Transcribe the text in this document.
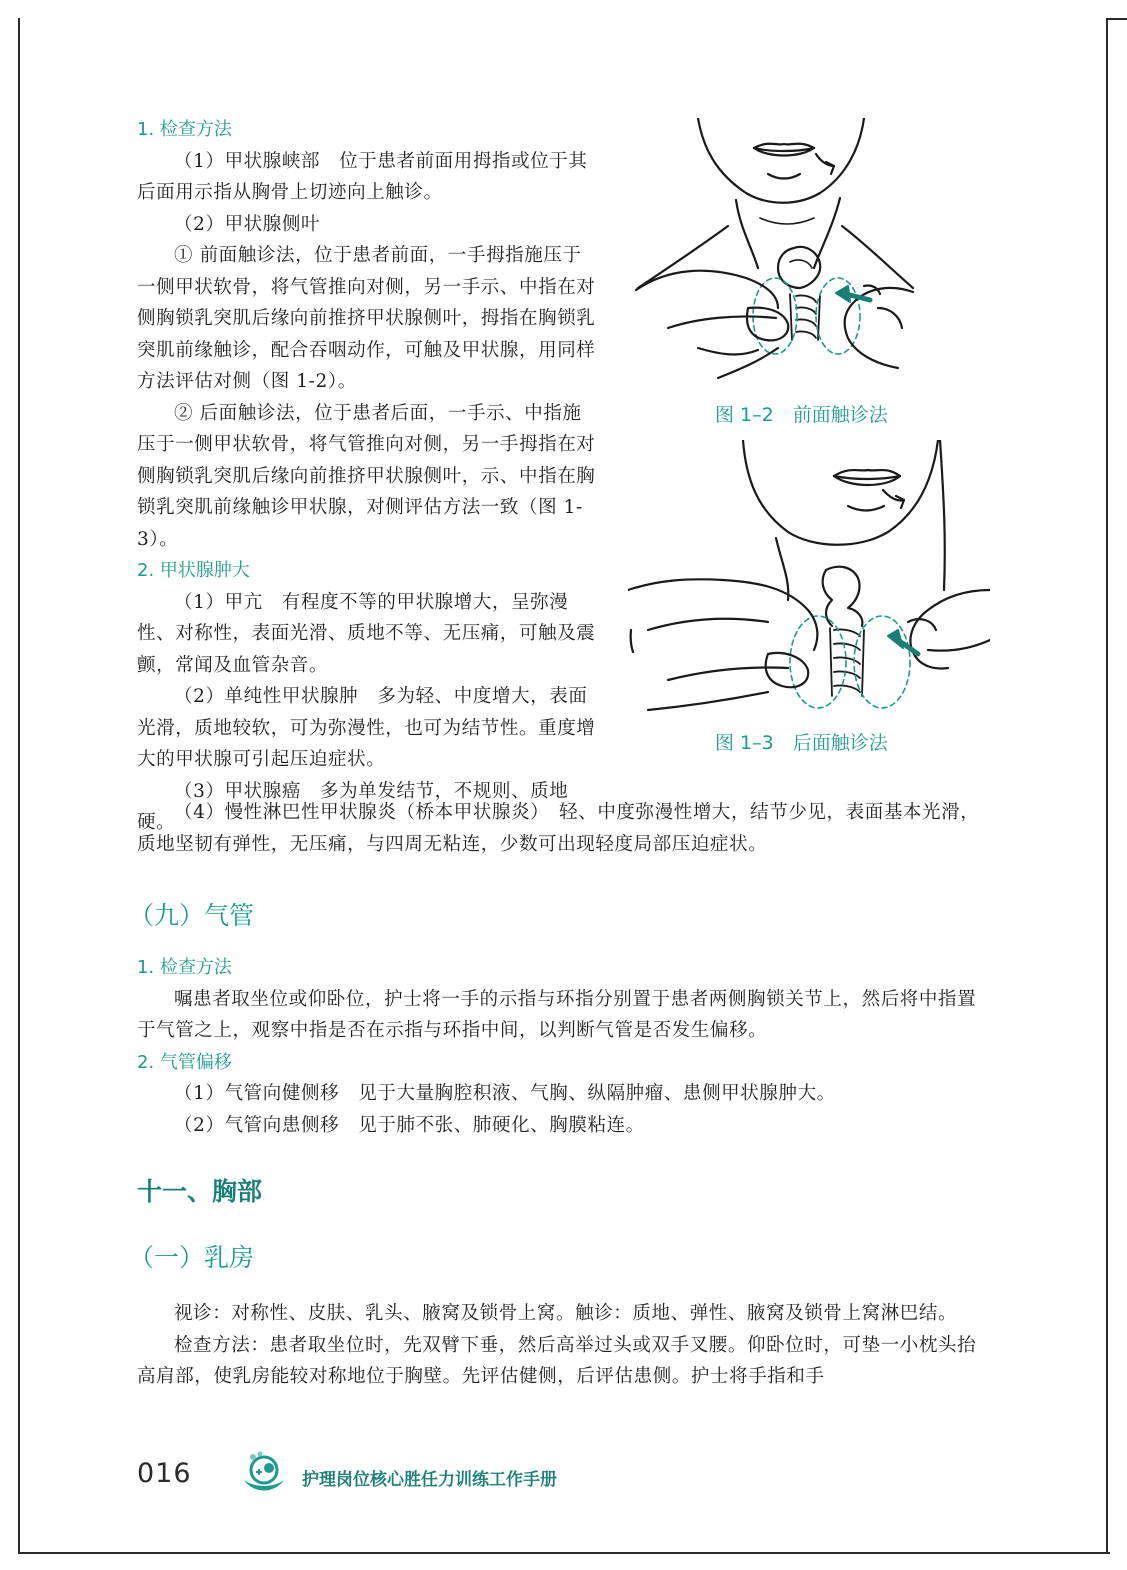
1. 检查方法

（1）甲状腺峡部　位于患者前面用拇指或位于其后面用示指从胸骨上切迹向上触诊。

（2）甲状腺侧叶

① 前面触诊法，位于患者前面，一手拇指施压于一侧甲状软骨，将气管推向对侧，另一手示、中指在对侧胸锁乳突肌后缘向前推挤甲状腺侧叶，拇指在胸锁乳突肌前缘触诊，配合吞咽动作，可触及甲状腺，用同样方法评估对侧（图 1-2）。

② 后面触诊法，位于患者后面，一手示、中指施压于一侧甲状软骨，将气管推向对侧，另一手拇指在对侧胸锁乳突肌后缘向前推挤甲状腺侧叶，示、中指在胸锁乳突肌前缘触诊甲状腺，对侧评估方法一致（图 1-3）。

2. 甲状腺肿大

（1）甲亢　有程度不等的甲状腺增大，呈弥漫性、对称性，表面光滑、质地不等、无压痛，可触及震颤，常闻及血管杂音。

（2）单纯性甲状腺肿　多为轻、中度增大，表面光滑，质地较软，可为弥漫性，也可为结节性。重度增大的甲状腺可引起压迫症状。

（3）甲状腺癌　多为单发结节，不规则、质地硬。

（4）慢性淋巴性甲状腺炎（桥本甲状腺炎）　轻、中度弥漫性增大，结节少见，表面基本光滑，质地坚韧有弹性，无压痛，与四周无粘连，少数可出现轻度局部压迫症状。

图 1–2　前面触诊法
图 1–3　后面触诊法

（九）气管

1. 检查方法

嘱患者取坐位或仰卧位，护士将一手的示指与环指分别置于患者两侧胸锁关节上，然后将中指置于气管之上，观察中指是否在示指与环指中间，以判断气管是否发生偏移。

2. 气管偏移

（1）气管向健侧移　见于大量胸腔积液、气胸、纵隔肿瘤、患侧甲状腺肿大。

（2）气管向患侧移　见于肺不张、肺硬化、胸膜粘连。

十一、胸部

（一）乳房

视诊：对称性、皮肤、乳头、腋窝及锁骨上窝。触诊：质地、弹性、腋窝及锁骨上窝淋巴结。

检查方法：患者取坐位时，先双臂下垂，然后高举过头或双手叉腰。仰卧位时，可垫一小枕头抬高肩部，使乳房能较对称地位于胸壁。先评估健侧，后评估患侧。护士将手指和手

016	护理岗位核心胜任力训练工作手册
